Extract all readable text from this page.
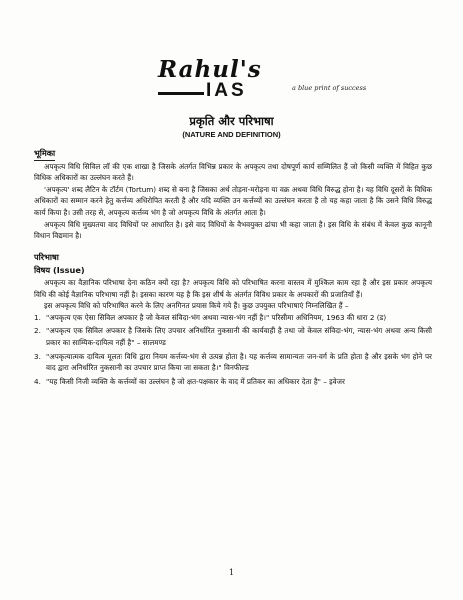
Rahul's
IAS	a blue print of success
प्रकृति और परिभाषा
(NATURE AND DEFINITION)
भूमिका

अपकृत्य विधि सिविल लॉ की एक शाखा है जिसके अंतर्गत विभिन्न प्रकार के अपकृत्य तथा दोषपूर्ण कार्य सम्मिलित हैं जो किसी व्यक्ति में विहित कुछ विधिक अधिकारों का उल्लंघन करते हैं।

'अपकृत्य' शब्द लैटिन के टॉर्टम (Tortum) शब्द से बना है जिसका अर्थ तोड़ना-मरोड़ना या वक्र अथवा विधि विरुद्ध होना है। यह विधि दूसरों के विधिक अधिकारों का सम्मान करने हेतु कर्त्तव्य अधिरोपित करती है और यदि व्यक्ति उन कर्त्तव्यों का उल्लंघन करता है तो यह कहा जाता है कि उसने विधि विरुद्ध कार्य किया है। उसी तरह से, अपकृत्य कर्त्तव्य भंग है जो अपकृत्य विधि के अंतर्गत आता है।

अपकृत्य विधि मुख्यतया वाद विधियों पर आधारित है। इसे वाद विधियों के वैभवयुक्त ढांचा भी कहा जाता है। इस विधि के संबंध में केवल कुछ कानूनी विधान विद्यमान है।

परिभाषा
विषय (Issue)

अपकृत्य का वैज्ञानिक परिभाषा देना कठिन क्यों रहा है? अपकृत्य विधि को परिभाषित करना वास्तव में मुश्किल काम रहा है और इस प्रकार अपकृत्य विधि की कोई वैज्ञानिक परिभाषा नहीं है। इसका कारण यह है कि इस शीर्ष के अंतर्गत विविध प्रकार के अपकारों की प्रजातियाँ हैं।

इस अपकृत्य विधि को परिभाषित करने के लिए अनगिनत प्रयास किये गये हैं। कुछ उपयुक्त परिभाषाएं निम्नलिखित हैं –

1. "अपकृत्य एक ऐसा सिविल अपकार है जो केवल संविदा-भंग अथवा न्यास-भंग नहीं है।" परिसीमा अधिनियम, 1963 की धारा 2 (ड)
2. "अपकृत्य एक सिविल अपकार है जिसके लिए उपचार अनिर्धारित नुकसानी की कार्यवाही है तथा जो केवल संविदा-भंग, न्यास-भंग अथवा अन्य किसी प्रकार का साम्यिक-दायित्व नहीं है" – सालमण्ड
3. "अपकृत्यात्मक दायित्व मूलतः विधि द्वारा नियम कर्त्तव्य-भंग से उत्पन्न होता है। यह कर्त्तव्य सामान्यतः जन-वर्ग के प्रति होता है और इसके भंग होने पर वाद द्वारा अनिर्धारित नुकसानी का उपचार प्राप्त किया जा सकता है।" विनफील्ड
4. "यह किसी निजी व्यक्ति के कर्त्तव्यों का उल्लंघन है जो क्षत-पक्षकार के वाद में प्रतिकर का अधिकार देता है" – इवेजर
1
